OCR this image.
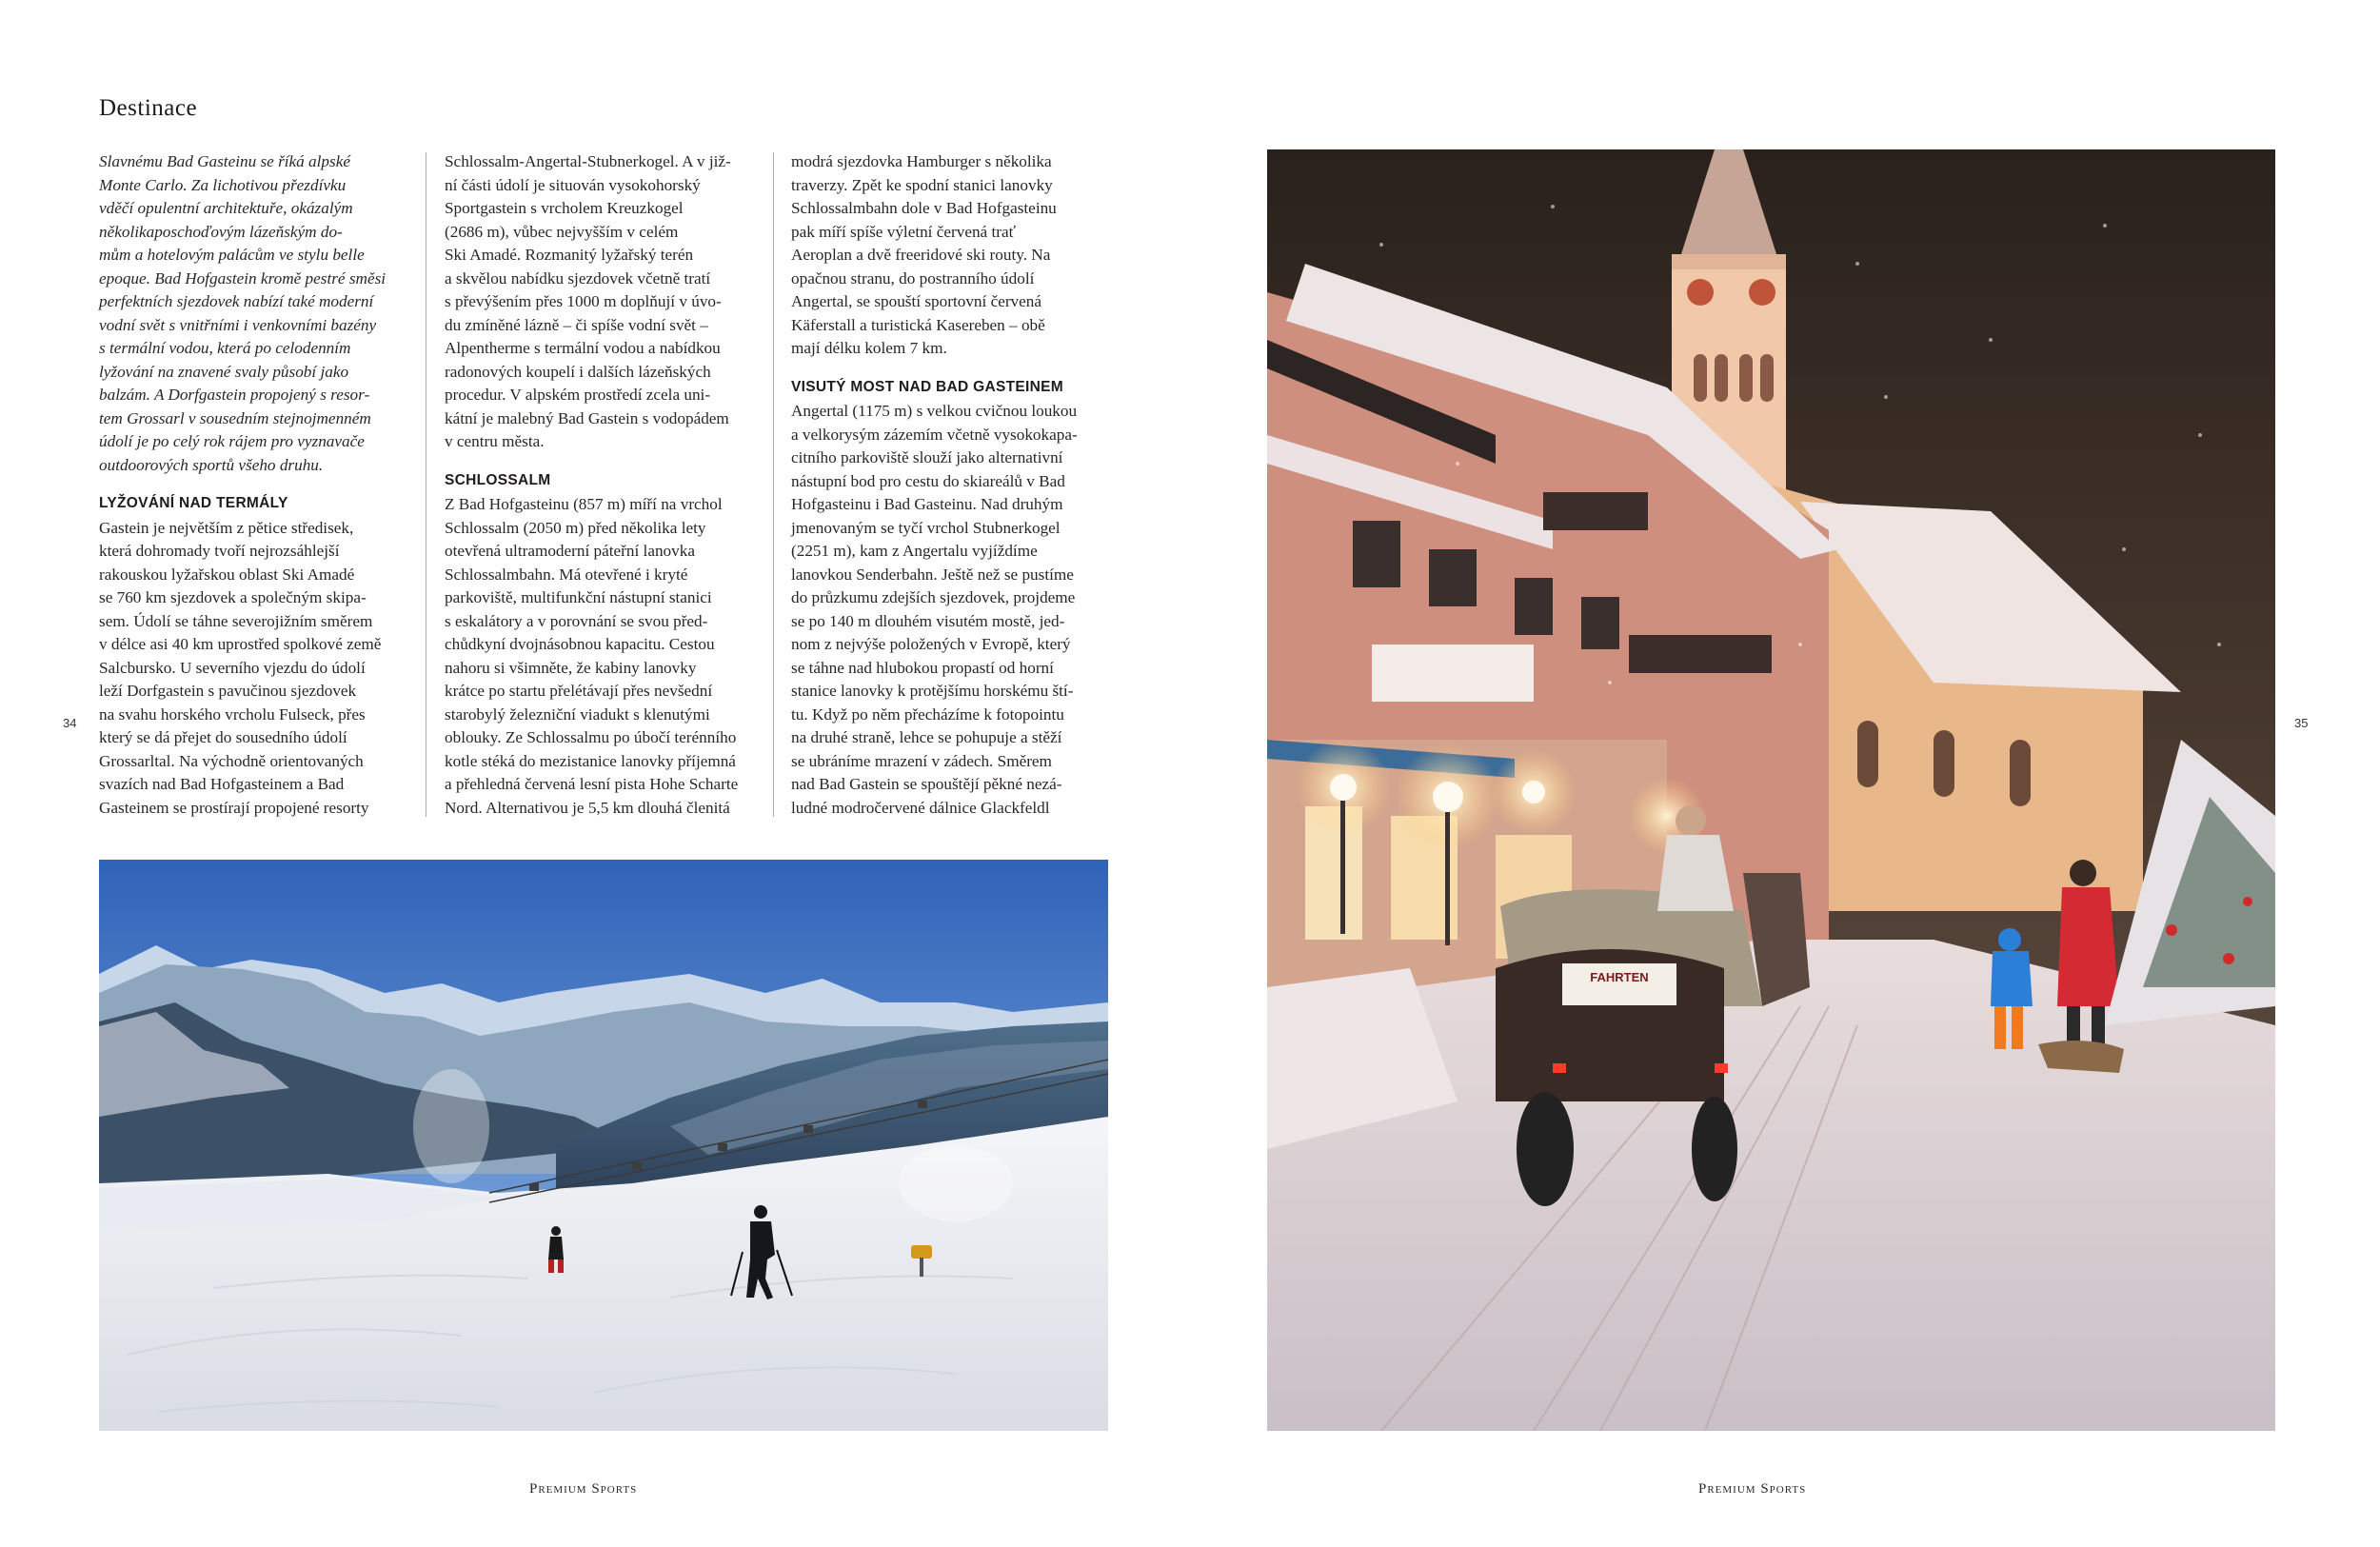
Destinace

Slavnému Bad Gasteinu se říká alpské
Monte Carlo. Za lichotivou přezdívku
vděčí opulentní architektuře, okázalým
několikaposchoďovým lázeňským do-
mům a hotelovým palácům ve stylu belle
epoque. Bad Hofgastein kromě pestré směsi
perfektních sjezdovek nabízí také moderní
vodní svět s vnitřními i venkovními bazény
s termální vodou, která po celodenním
lyžování na znavené svaly působí jako
balzám. A Dorfgastein propojený s resor-
tem Grossarl v sousedním stejnojmenném
údolí je po celý rok rájem pro vyznavače
outdoorových sportů všeho druhu.

LYŽOVÁNÍ NAD TERMÁLY

Gastein je největším z pětice středisek,
která dohromady tvoří nejrozsáhlejší
rakouskou lyžařskou oblast Ski Amadé
se 760 km sjezdovek a společným skipa-
sem. Údolí se táhne severojižním směrem
v délce asi 40 km uprostřed spolkové země
Salcbursko. U severního vjezdu do údolí
leží Dorfgastein s pavučinou sjezdovek
na svahu horského vrcholu Fulseck, přes
který se dá přejet do sousedního údolí
Grossarltal. Na východně orientovaných
svazích nad Bad Hofgasteinem a Bad
Gasteinem se prostírají propojené resorty

Schlossalm-Angertal-Stubnerkogel. A v již-
ní části údolí je situován vysokohorský
Sportgastein s vrcholem Kreuzkogel
(2686 m), vůbec nejvyšším v celém
Ski Amadé. Rozmanitý lyžařský terén
a skvělou nabídku sjezdovek včetně tratí
s převýšením přes 1000 m doplňují v úvo-
du zmíněné lázně – či spíše vodní svět –
Alpentherme s termální vodou a nabídkou
radonových koupelí i dalších lázeňských
procedur. V alpském prostředí zcela uni-
kátní je malebný Bad Gastein s vodopádem
v centru města.

SCHLOSSALM

Z Bad Hofgasteinu (857 m) míří na vrchol
Schlossalm (2050 m) před několika lety
otevřená ultramoderní páteřní lanovka
Schlossalmbahn. Má otevřené i kryté
parkoviště, multifunkční nástupní stanici
s eskalátory a v porovnání se svou před-
chůdkyní dvojnásobnou kapacitu. Cestou
nahoru si všimněte, že kabiny lanovky
krátce po startu přelétávají přes nevšední
starobylý železniční viadukt s klenutými
oblouky. Ze Schlossalmu po úbočí terénního
kotle stéká do mezistanice lanovky příjemná
a přehledná červená lesní pista Hohe Scharte
Nord. Alternativou je 5,5 km dlouhá členitá

modrá sjezdovka Hamburger s několika
traverzy. Zpět ke spodní stanici lanovky
Schlossalmbahn dole v Bad Hofgasteinu
pak míří spíše výletní červená trať
Aeroplan a dvě freeridové ski routy. Na
opačnou stranu, do postranního údolí
Angertal, se spouští sportovní červená
Käferstall a turistická Kasereben – obě
mají délku kolem 7 km.

VISUTÝ MOST NAD BAD GASTEINEM

Angertal (1175 m) s velkou cvičnou loukou
a velkorysým zázemím včetně vysokokapa-
citního parkoviště slouží jako alternativní
nástupní bod pro cestu do skiareálů v Bad
Hofgasteinu i Bad Gasteinu. Nad druhým
jmenovaným se tyčí vrchol Stubnerkogel
(2251 m), kam z Angertalu vyjíždíme
lanovkou Senderbahn. Ještě než se pustíme
do průzkumu zdejších sjezdovek, projdeme
se po 140 m dlouhém visutém mostě, jed-
nom z nejvýše položených v Evropě, který
se táhne nad hlubokou propastí od horní
stanice lanovky k protějšímu horskému ští-
tu. Když po něm přecházíme k fotopointu
na druhé straně, lehce se pohupuje a stěží
se ubráníme mrazení v zádech. Směrem
nad Bad Gastein se spouštějí pěkné nezá-
ludné modročervené dálnice Glackfeldl

34	35
FAHRTEN
Premium Sports	Premium Sports
